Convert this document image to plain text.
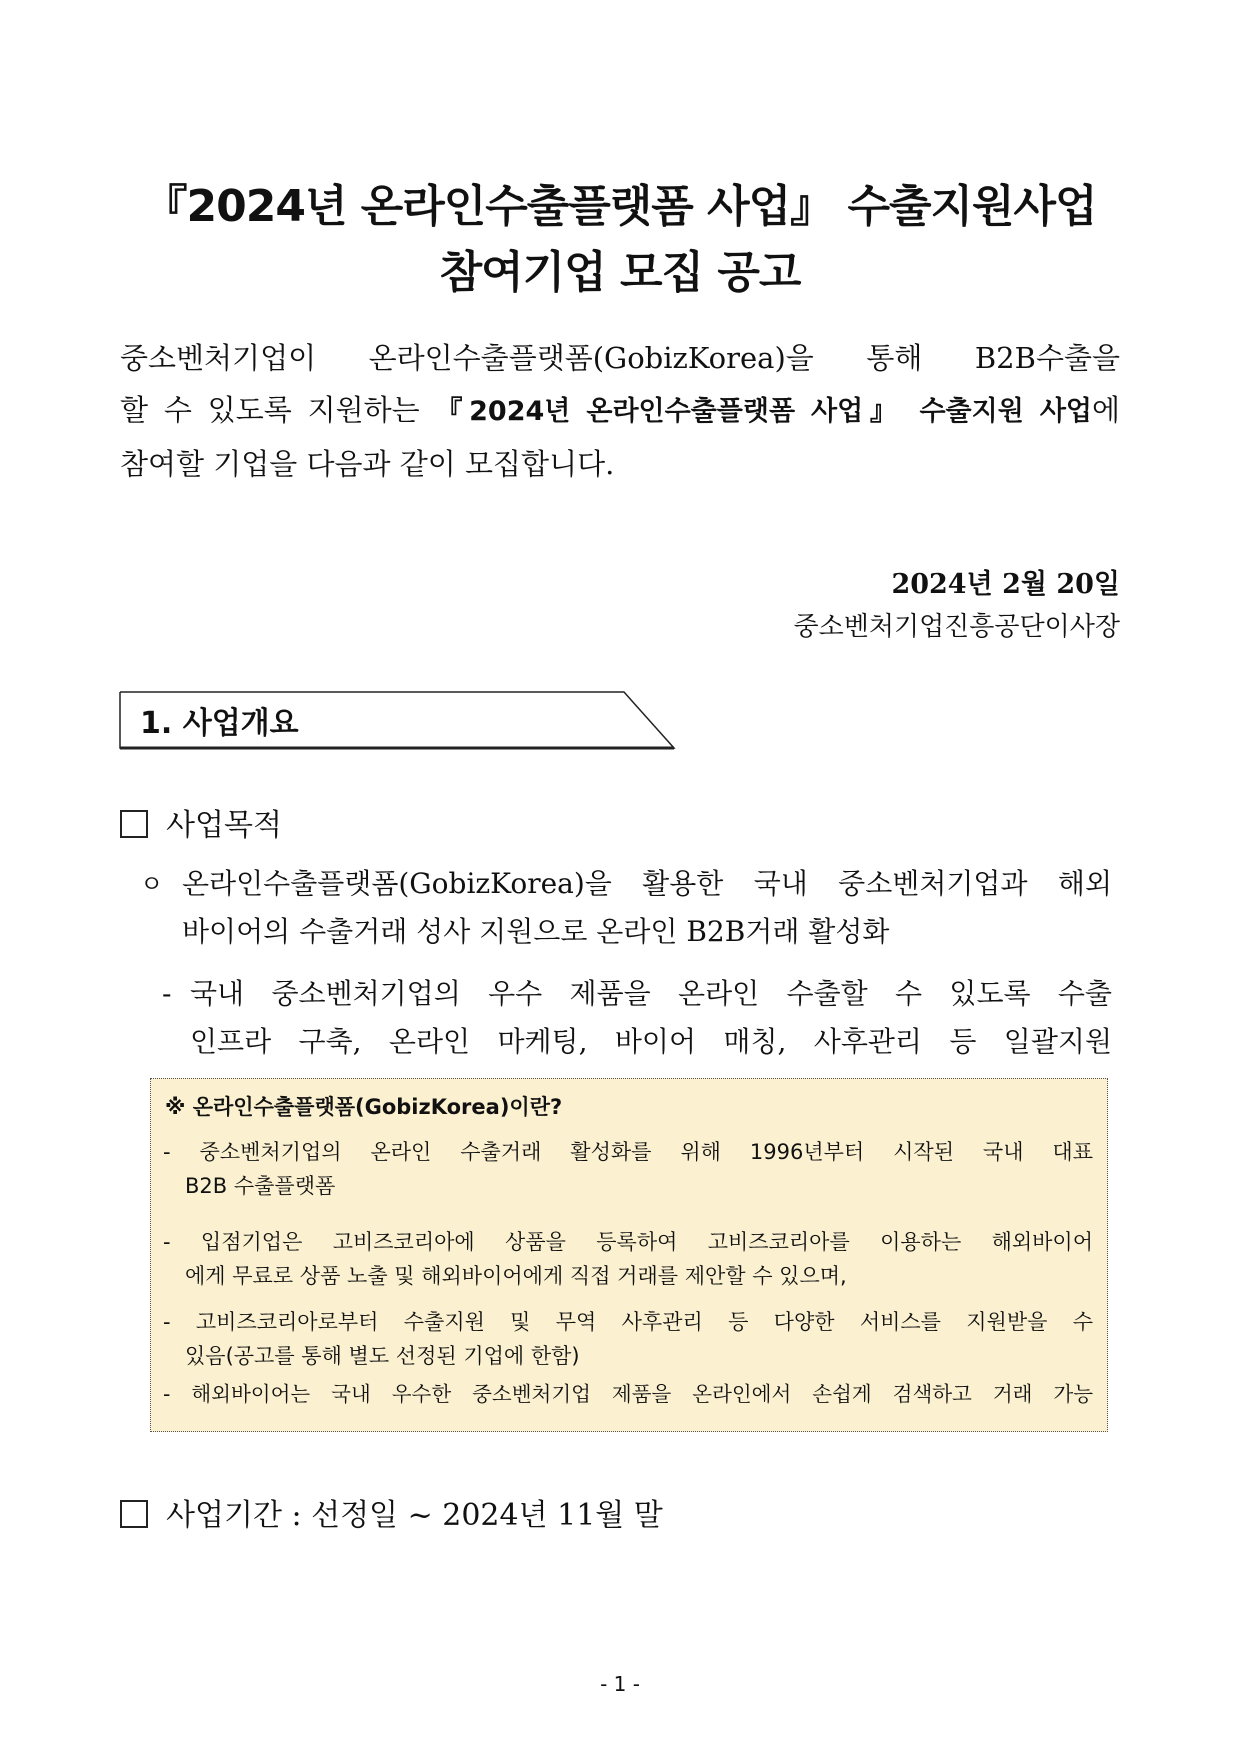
『2024년 온라인수출플랫폼 사업』 수출지원사업
참여기업 모집 공고
중소벤처기업이 온라인수출플랫폼(GobizKorea)을 통해 B2B수출을
할 수 있도록 지원하는 『2024년 온라인수출플랫폼 사업』 수출지원 사업에
참여할 기업을 다음과 같이 모집합니다.
2024년 2월 20일
중소벤처기업진흥공단이사장
1. 사업개요
사업목적
ㅇ 온라인수출플랫폼(GobizKorea)을 활용한 국내 중소벤처기업과 해외
바이어의 수출거래 성사 지원으로 온라인 B2B거래 활성화
- 국내 중소벤처기업의 우수 제품을 온라인 수출할 수 있도록 수출
인프라 구축, 온라인 마케팅, 바이어 매칭, 사후관리 등 일괄지원
※ 온라인수출플랫폼(GobizKorea)이란?
- 중소벤처기업의 온라인 수출거래 활성화를 위해 1996년부터 시작된 국내 대표
B2B 수출플랫폼
- 입점기업은 고비즈코리아에 상품을 등록하여 고비즈코리아를 이용하는 해외바이어
에게 무료로 상품 노출 및 해외바이어에게 직접 거래를 제안할 수 있으며,
- 고비즈코리아로부터 수출지원 및 무역 사후관리 등 다양한 서비스를 지원받을 수
있음(공고를 통해 별도 선정된 기업에 한함)
- 해외바이어는 국내 우수한 중소벤처기업 제품을 온라인에서 손쉽게 검색하고 거래 가능
사업기간 : 선정일 ~ 2024년 11월 말
- 1 -
